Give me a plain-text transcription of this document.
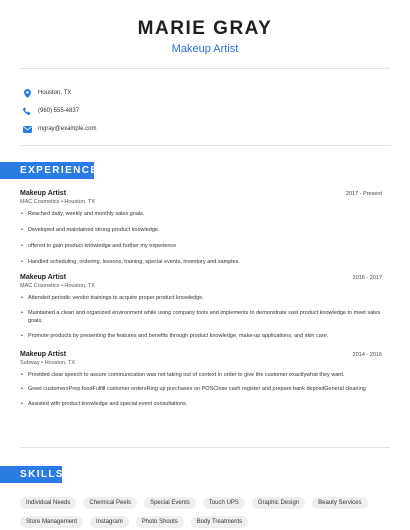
MARIE GRAY
Makeup Artist
Houston, TX
(960) 555-4837
mgray@example.com
EXPERIENCE
Makeup Artist	2017 - Present
MAC Cosmetics • Houston, TX
• Reached daily, weekly and monthly sales goals.
• Developed and maintained strong product knowledge.
• offered to gain product knowledge and further my experience
• Handled scheduling, ordering, lessons, training, special events, inventory and samples.
Makeup Artist	2016 - 2017
MAC Cosmetics • Houston, TX
• Attended periodic vendor trainings to acquire proper product knowledge.
• Maintained a clean and organized environment while using company tools and implements to demonstrate vast product knowledge to meet sales goals.
• Promote products by presenting the features and benefits through product knowledge, make-up applications, and skin care.
Makeup Artist	2014 - 2016
Subway • Houston, TX
• Provided clear speech to assure communication was not taking out of context in order to give the customer exactlywhat they want.
• Greet customersPrep foodFulfill customer ordersRing up purchases on POSClose cash register and prepare bank depositGeneral cleaning
• Assisted with product knowledge and special event consultations.
SKILLS
Individual Needs	Chemical Peels	Special Events	Touch UPS	Graphic Design	Beauty Services
Store Management	Instagram	Photo Shoots	Body Treatments
